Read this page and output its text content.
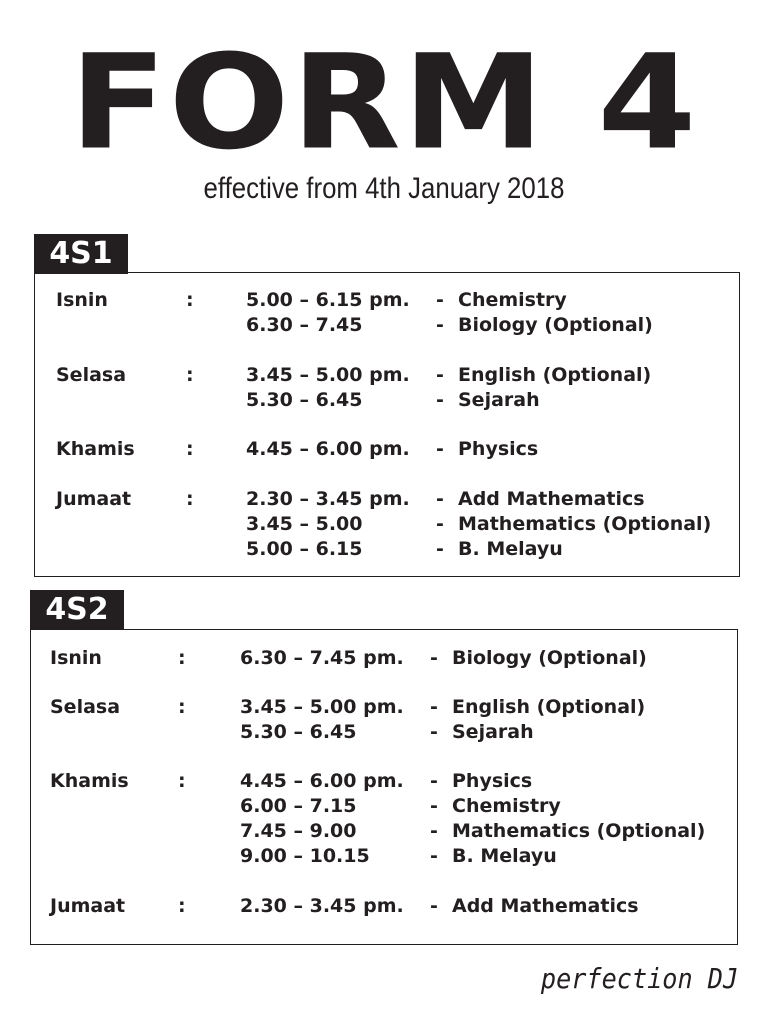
FORM 4
effective from 4th January 2018
4S1
Isnin	:	5.00 – 6.15 pm. - Chemistry
6.30 – 7.45	- Biology (Optional)
Selasa	:	3.45 – 5.00 pm. - English (Optional)
5.30 – 6.45	- Sejarah
Khamis	:	4.45 – 6.00 pm. - Physics
Jumaat	:	2.30 – 3.45 pm. - Add Mathematics
3.45 – 5.00	- Mathematics (Optional)
5.00 – 6.15	- B. Melayu
4S2
Isnin	:	6.30 – 7.45 pm. - Biology (Optional)
Selasa	:	3.45 – 5.00 pm. - English (Optional)
5.30 – 6.45	- Sejarah
Khamis	:	4.45 – 6.00 pm. - Physics
6.00 – 7.15	- Chemistry
7.45 – 9.00	- Mathematics (Optional)
9.00 – 10.15	- B. Melayu
Jumaat	:	2.30 – 3.45 pm. - Add Mathematics
perfection DJ
